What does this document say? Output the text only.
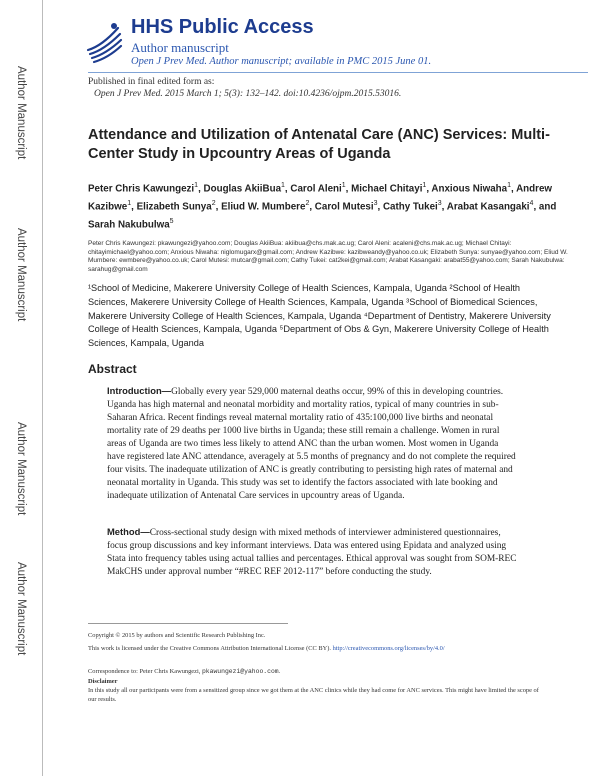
Author Manuscript
Author Manuscript
Author Manuscript
Author Manuscript
HHS Public Access
Author manuscript
Open J Prev Med. Author manuscript; available in PMC 2015 June 01.
Published in final edited form as:
Open J Prev Med. 2015 March 1; 5(3): 132–142. doi:10.4236/ojpm.2015.53016.
Attendance and Utilization of Antenatal Care (ANC) Services: Multi-Center Study in Upcountry Areas of Uganda
Peter Chris Kawungezi$^1$, Douglas AkiiBua$^1$, Carol Aleni$^1$, Michael Chitayi$^1$, Anxious Niwaha$^1$, Andrew Kazibwe$^1$, Elizabeth Sunya$^2$, Eliud W. Mumbere$^2$, Carol Mutesi$^3$, Cathy Tukei$^3$, Arabat Kasangaki$^4$, and Sarah Nakubulwa$^5$
Peter Chris Kawungezi: pkawungezi@yahoo.com; Douglas AkiiBua: akiibua@chs.mak.ac.ug; Carol Aleni: acaleni@chs.mak.ac.ug; Michael Chitayi: chitayimichael@yahoo.com; Anxious Niwaha: niglomugarx@gmail.com; Andrew Kazibwe: kazibweandy@yahoo.co.uk; Elizabeth Sunya: sunyae@yahoo.com; Eliud W. Mumbere: ewmbere@yahoo.co.uk; Carol Mutesi: mutcar@gmail.com; Cathy Tukei: cat2kei@gmail.com; Arabat Kasangaki: arabat55@yahoo.com; Sarah Nakubulwa: sarahug@gmail.com
¹School of Medicine, Makerere University College of Health Sciences, Kampala, Uganda ²School of Health Sciences, Makerere University College of Health Sciences, Kampala, Uganda ³School of Biomedical Sciences, Makerere University College of Health Sciences, Kampala, Uganda ⁴Department of Dentistry, Makerere University College of Health Sciences, Kampala, Uganda ⁵Department of Obs & Gyn, Makerere University College of Health Sciences, Kampala, Uganda
Abstract
Introduction—Globally every year 529,000 maternal deaths occur, 99% of this in developing countries. Uganda has high maternal and neonatal morbidity and mortality ratios, typical of many countries in sub-Saharan Africa. Recent findings reveal maternal mortality ratio of 435:100,000 live births and neonatal mortality rate of 29 deaths per 1000 live births in Uganda; these still remain a challenge. Women in rural areas of Uganda are two times less likely to attend ANC than the urban women. Most women in Uganda have registered late ANC attendance, averagely at 5.5 months of pregnancy and do not complete the required four visits. The inadequate utilization of ANC is greatly contributing to persisting high rates of maternal and neonatal mortality in Uganda. This study was set to identify the factors associated with late booking and inadequate utilization of Antenatal Care services in upcountry areas of Uganda.
Method—Cross-sectional study design with mixed methods of interviewer administered questionnaires, focus group discussions and key informant interviews. Data was entered using Epidata and analyzed using Stata into frequency tables using actual tallies and percentages. Ethical approval was sought from SOM-REC MakCHS under approval number “#REC REF 2012-117” before conducting the study.
Copyright © 2015 by authors and Scientific Research Publishing Inc.
This work is licensed under the Creative Commons Attribution International License (CC BY). http://creativecommons.org/licenses/by/4.0/
Correspondence to: Peter Chris Kawungezi, pkawungezi@yahoo.com.
Disclaimer
In this study all our participants were from a sensitized group since we got them at the ANC clinics while they had come for ANC services. This might have limited the scope of our results.
